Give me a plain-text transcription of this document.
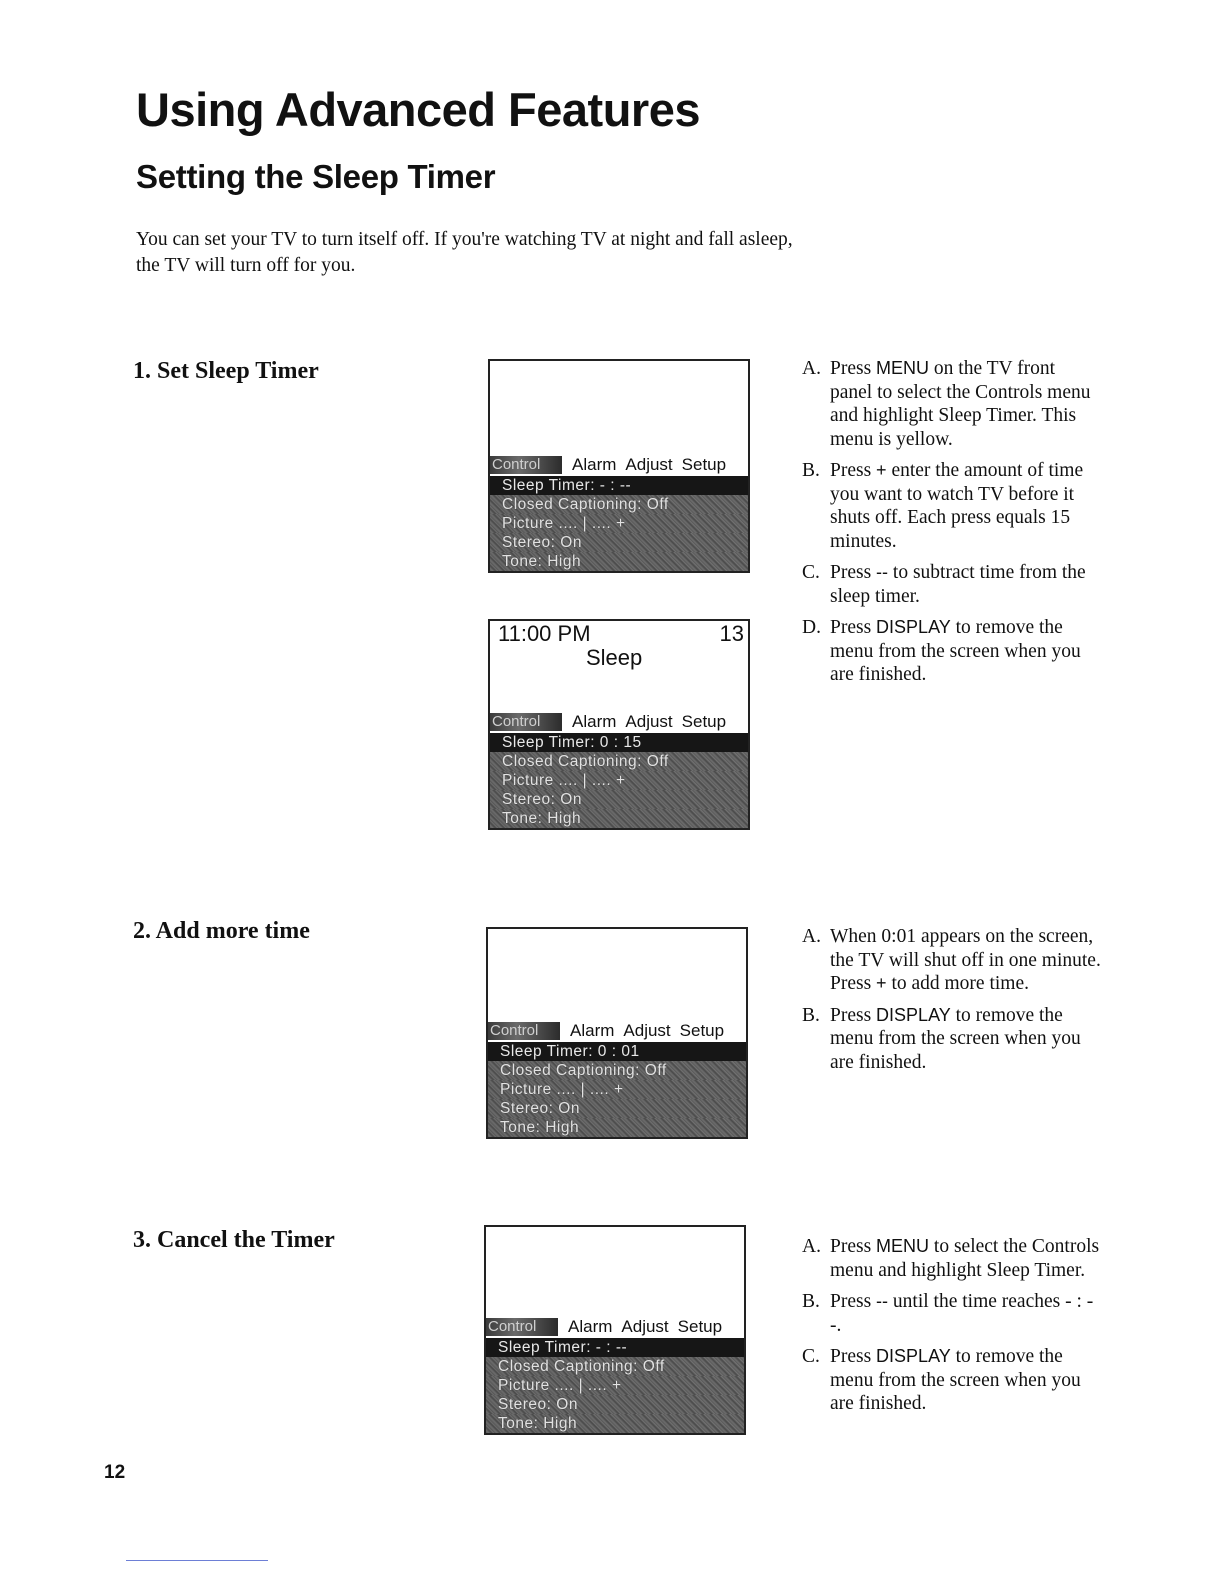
Using Advanced Features
Setting the Sleep Timer

You can set your TV to turn itself off. If you're watching TV at night and fall asleep, the TV will turn off for you.

1. Set Sleep Timer
Control	Alarm Adjust Setup
Sleep Timer: - : --
Closed Captioning: Off
Picture .... | .... +
Stereo: On
Tone: High
11:00 PM	13
Sleep
Control	Alarm Adjust Setup
Sleep Timer: 0 : 15
Closed Captioning: Off
Picture .... | .... +
Stereo: On
Tone: High
A. Press MENU on the TV front panel to select the Controls menu and highlight Sleep Timer. This menu is yellow.
B. Press + enter the amount of time you want to watch TV before it shuts off. Each press equals 15 minutes.
C. Press -- to subtract time from the sleep timer.
D. Press DISPLAY to remove the menu from the screen when you are finished.
2. Add more time
Control	Alarm Adjust Setup
Sleep Timer: 0 : 01
Closed Captioning: Off
Picture .... | .... +
Stereo: On
Tone: High
A. When 0:01 appears on the screen, the TV will shut off in one minute. Press + to add more time.
B. Press DISPLAY to remove the menu from the screen when you are finished.
3. Cancel the Timer
Control	Alarm Adjust Setup
Sleep Timer: - : --
Closed Captioning: Off
Picture .... | .... +
Stereo: On
Tone: High
A. Press MENU to select the Controls menu and highlight Sleep Timer.
B. Press -- until the time reaches - : - -.
C. Press DISPLAY to remove the menu from the screen when you are finished.
12
